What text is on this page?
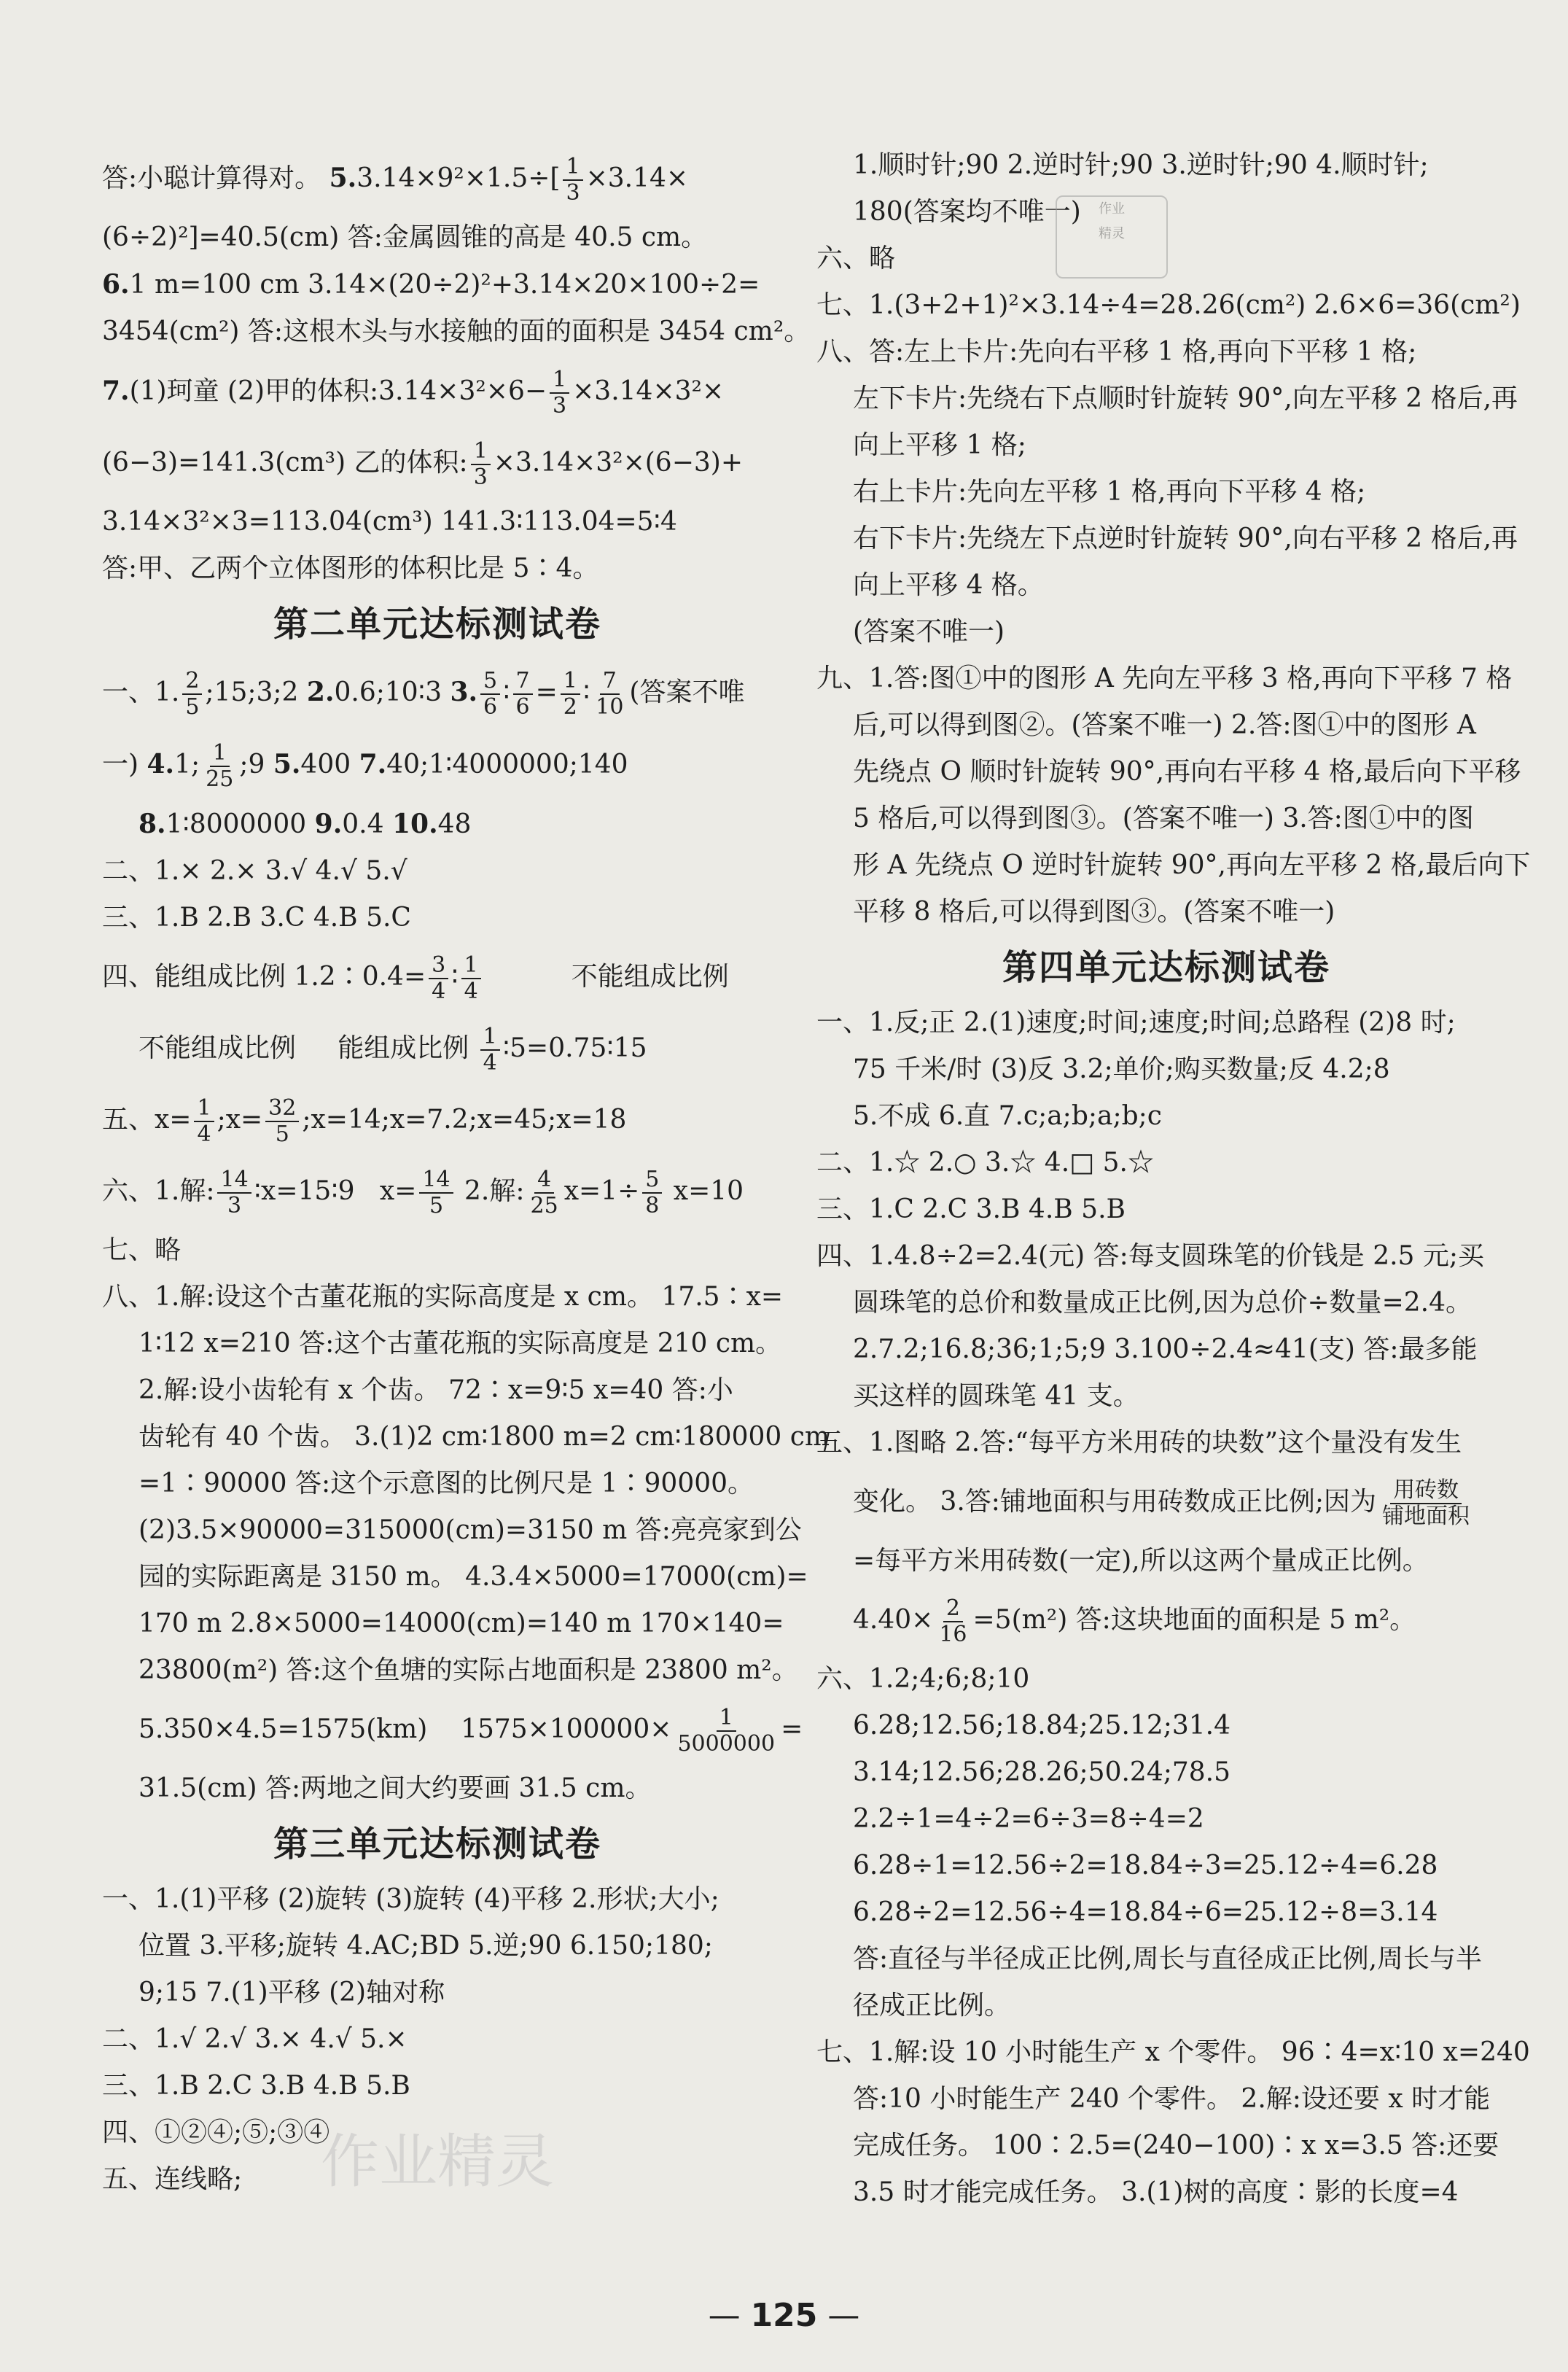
答:小聪计算得对。 $5.3.14\times 9^2\times 1.5\div[ \frac{1}{3} \times 3.14\times$
(6÷2)²]=40.5(cm) 答:金属圆锥的高是 40.5 cm。
6.1 m=100 cm 3.14×(20÷2)²+3.14×20×100÷2=
3454(cm²) 答:这根木头与水接触的面的面积是 3454 cm²。
7.(1)珂童 (2)甲的体积:3.14×3²×6− $\frac{1}{3} \times 3.14\times 3^2\times$
(6−3)=141.3(cm³) 乙的体积: $\frac{1}{3} \times 3.14\times 3^2\times(6-3)+$
3.14×3²×3=113.04(cm³) 141.3∶113.04=5∶4
答:甲、乙两个立体图形的体积比是 5∶4。
第二单元达标测试卷
一、1. $\frac{2}{5}$ ;15;3;2 2.0.6;10∶3 3. $\frac{5}{6}$ ∶ $\frac{7}{6} = \frac{1}{2}$ ∶ $\frac{7}{10}$ (答案不唯
一) 4.1; $\frac{1}{25}$ ;9 5.400 7.40;1∶4000000;140
8.1∶8000000 9.0.4 10.48
二、1.× 2.× 3.√ 4.√ 5.√
三、1.B 2.B 3.C 4.B 5.C
四、能组成比例 1.2∶0.4= $\frac{3}{4}$ ∶ $\frac{1}{4}$	不能组成比例
不能组成比例     能组成比例 $\frac{1}{4}$ ∶5=0.75∶15
五、$x= \frac{1}{4}$ ;x= $\frac{32}{5}$ ;x=14;x=7.2;x=45;x=18
六、1.解: $\frac{14}{3}$ ∶x=15∶9   $x= \frac{14}{5} 2$.解: $\frac{4}{25} x=1\div \frac{5}{8} x=10$
七、略
八、1.解:设这个古董花瓶的实际高度是 x cm。 17.5∶x=
1∶12 x=210 答:这个古董花瓶的实际高度是 210 cm。
2.解:设小齿轮有 x 个齿。 72∶x=9∶5 x=40 答:小
齿轮有 40 个齿。 3.(1)2 cm∶1800 m=2 cm∶180000 cm
=1∶90000 答:这个示意图的比例尺是 1∶90000。
(2)3.5×90000=315000(cm)=3150 m 答:亮亮家到公
园的实际距离是 3150 m。 4.3.4×5000=17000(cm)=
170 m 2.8×5000=14000(cm)=140 m 170×140=
23800(m²) 答:这个鱼塘的实际占地面积是 23800 m²。
5.350×4.5=1575(km)    $1575\times 100000\times \frac{1}{5000000}$ =
31.5(cm) 答:两地之间大约要画 31.5 cm。
第三单元达标测试卷
一、1.(1)平移 (2)旋转 (3)旋转 (4)平移 2.形状;大小;
位置 3.平移;旋转 4.AC;BD 5.逆;90 6.150;180;
9;15 7.(1)平移 (2)轴对称
二、1.√ 2.√ 3.× 4.√ 5.×
三、1.B 2.C 3.B 4.B 5.B
四、①②④;⑤;③④
五、连线略;
1.顺时针;90 2.逆时针;90 3.逆时针;90 4.顺时针;
180(答案均不唯一)
六、略
七、1.(3+2+1)²×3.14÷4=28.26(cm²) 2.6×6=36(cm²)
八、答:左上卡片:先向右平移 1 格,再向下平移 1 格;
左下卡片:先绕右下点顺时针旋转 90°,向左平移 2 格后,再
向上平移 1 格;
右上卡片:先向左平移 1 格,再向下平移 4 格;
右下卡片:先绕左下点逆时针旋转 90°,向右平移 2 格后,再
向上平移 4 格。
(答案不唯一)
九、1.答:图①中的图形 A 先向左平移 3 格,再向下平移 7 格
后,可以得到图②。(答案不唯一) 2.答:图①中的图形 A
先绕点 O 顺时针旋转 90°,再向右平移 4 格,最后向下平移
5 格后,可以得到图③。(答案不唯一) 3.答:图①中的图
形 A 先绕点 O 逆时针旋转 90°,再向左平移 2 格,最后向下
平移 8 格后,可以得到图③。(答案不唯一)
第四单元达标测试卷
一、1.反;正 2.(1)速度;时间;速度;时间;总路程 (2)8 时;
75 千米/时 (3)反 3.2;单价;购买数量;反 4.2;8
5.不成 6.直 7.c;a;b;a;b;c
二、1.☆ 2.○ 3.☆ 4.□ 5.☆
三、1.C 2.C 3.B 4.B 5.B
四、1.4.8÷2=2.4(元) 答:每支圆珠笔的价钱是 2.5 元;买
圆珠笔的总价和数量成正比例,因为总价÷数量=2.4。
2.7.2;16.8;36;1;5;9 3.100÷2.4≈41(支) 答:最多能
买这样的圆珠笔 41 支。
五、1.图略 2.答:“每平方米用砖的块数”这个量没有发生
变化。 3.答:铺地面积与用砖数成正比例;因为 用砖数
铺地面积
=每平方米用砖数(一定),所以这两个量成正比例。
$4.40\times \frac{2}{16} =5(m^2)$ 答:这块地面的面积是 5 m²。
六、1.2;4;6;8;10
6.28;12.56;18.84;25.12;31.4
3.14;12.56;28.26;50.24;78.5
2.2÷1=4÷2=6÷3=8÷4=2
6.28÷1=12.56÷2=18.84÷3=25.12÷4=6.28
6.28÷2=12.56÷4=18.84÷6=25.12÷8=3.14
答:直径与半径成正比例,周长与直径成正比例,周长与半
径成正比例。
七、1.解:设 10 小时能生产 x 个零件。 96∶4=x∶10 x=240
答:10 小时能生产 240 个零件。 2.解:设还要 x 时才能
完成任务。 100∶2.5=(240−100)∶x x=3.5 答:还要
3.5 时才能完成任务。 3.(1)树的高度∶影的长度=4
作业
精灵
作业精灵
— 125 —
